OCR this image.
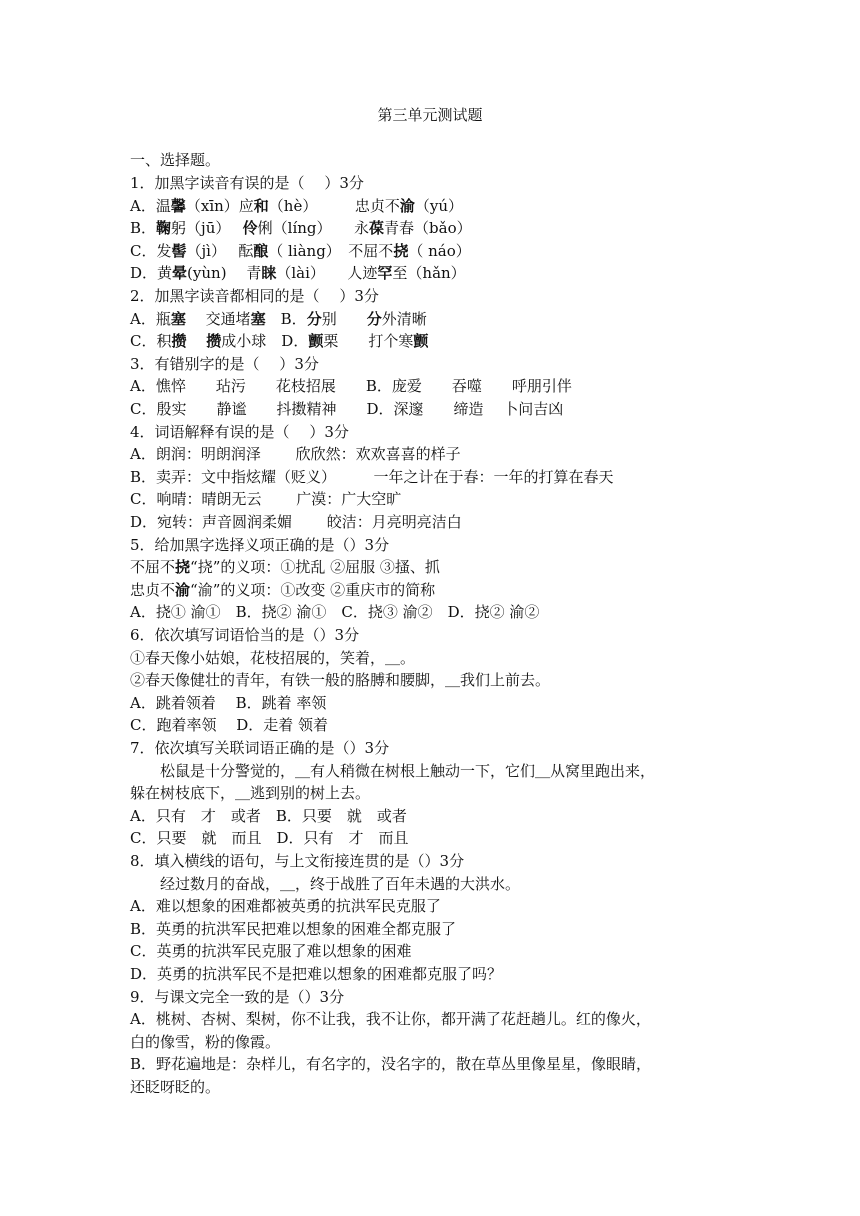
第三单元测试题
一、选择题。
1．加黑字读音有误的是（　 ）3分
A．温馨（xīn）应和（hè）　　　忠贞不渝（yú）
B．鞠躬（jū）　 伶俐（líng）　　永葆青春（bǎo）
C．发髻（jì）　 酝酿（ liàng）　不屈不挠（ náo）
D．黄晕(yùn)　 青睐（lài）　　人迹罕至（hǎn）
2．加黑字读音都相同的是（　 ）3分
A．瓶塞　 交通堵塞　B．分别　　分外清晰
C．积攒　 攒成小球　D．颤栗　　打个寒颤
3．有错别字的是（　 ）3分
A．憔悴　　玷污　　花枝招展　　B．庞爱　　吞噬　　呼朋引伴
C．殷实　　静谧　　抖擞精神　　D．深邃　　缔造　 卜问吉凶
4．词语解释有误的是（　 ）3分
A．朗润：明朗润泽　　 欣欣然：欢欢喜喜的样子
B．卖弄：文中指炫耀（贬义）　　　一年之计在于春：一年的打算在春天
C．响晴：晴朗无云　　 广漠：广大空旷
D．宛转：声音圆润柔媚　　 皎洁：月亮明亮洁白
5．给加黑字选择义项正确的是（）3分
不屈不挠“挠”的义项：①扰乱 ②屈服 ③搔、抓
忠贞不渝“渝”的义项：①改变 ②重庆市的简称
A．挠① 渝①　B．挠② 渝①　C．挠③ 渝②　D．挠② 渝②
6．依次填写词语恰当的是（）3分
①春天像小姑娘，花枝招展的，笑着，＿。
②春天像健壮的青年，有铁一般的胳膊和腰脚，＿我们上前去。
A．跳着领着　 B．跳着 率领
C．跑着率领　 D．走着 领着
7．依次填写关联词语正确的是（）3分
　　松鼠是十分警觉的，＿有人稍微在树根上触动一下，它们＿从窝里跑出来，
躲在树枝底下，＿逃到别的树上去。
A．只有　才　或者　B．只要　就　或者
C．只要　就　而且　D．只有　才　而且
8．填入横线的语句，与上文衔接连贯的是（）3分
　　经过数月的奋战，＿，终于战胜了百年未遇的大洪水。
A．难以想象的困难都被英勇的抗洪军民克服了
B．英勇的抗洪军民把难以想象的困难全都克服了
C．英勇的抗洪军民克服了难以想象的困难
D．英勇的抗洪军民不是把难以想象的困难都克服了吗？
9．与课文完全一致的是（）3分
A．桃树、杏树、梨树，你不让我，我不让你，都开满了花赶趟儿。红的像火，
白的像雪，粉的像霞。
B．野花遍地是：杂样儿，有名字的，没名字的，散在草丛里像星星，像眼睛，
还眨呀眨的。
